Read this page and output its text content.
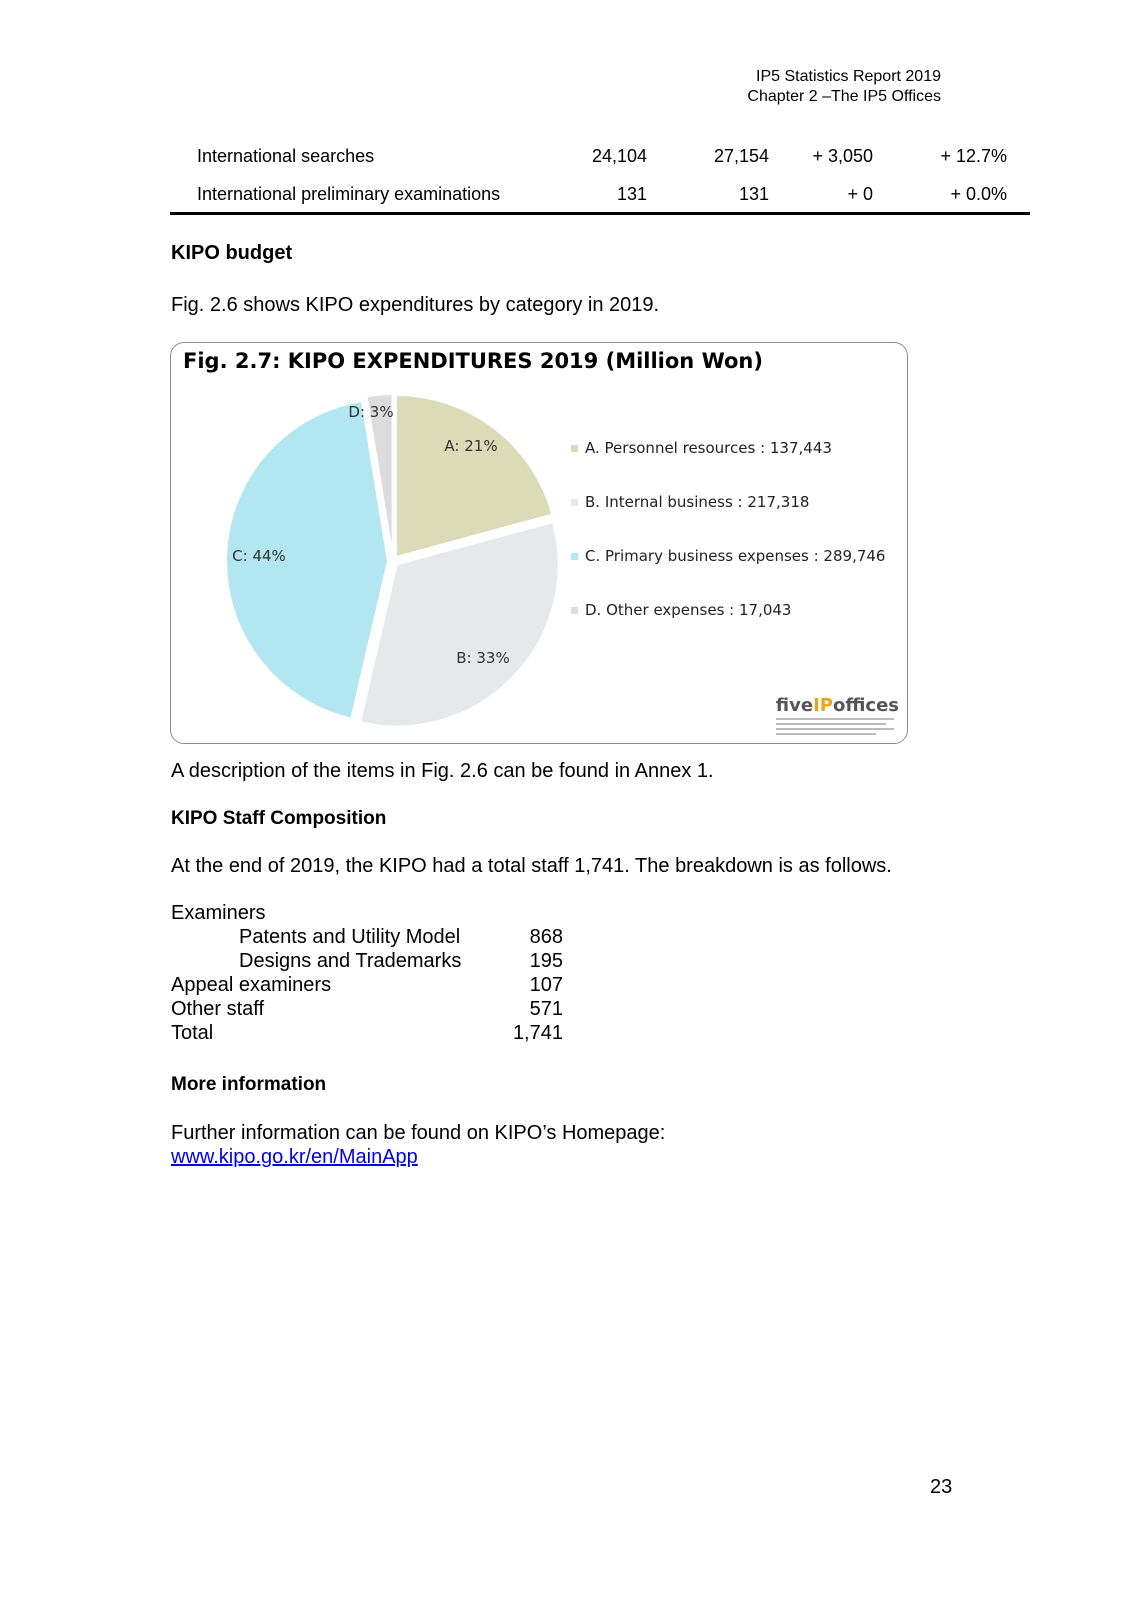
IP5 Statistics Report 2019
Chapter 2 –The IP5 Offices
International searches	24,104	27,154	+ 3,050	+ 12.7%
International preliminary examinations	131	131	+ 0	+ 0.0%
KIPO budget
Fig. 2.6 shows KIPO expenditures by category in 2019.
Fig. 2.7: KIPO EXPENDITURES 2019 (Million Won)
A: 21%
B: 33%
C: 44%
D: 3%
A. Personnel resources : 137,443
B. Internal business : 217,318
C. Primary business expenses : 289,746
D. Other expenses : 17,043
fiveIPoffices
A description of the items in Fig. 2.6 can be found in Annex 1.
KIPO Staff Composition
At the end of 2019, the KIPO had a total staff 1,741. The breakdown is as follows.
Examiners
Patents and Utility Model	868
Designs and Trademarks	195
Appeal examiners	107
Other staff	571
Total	1,741
More information
Further information can be found on KIPO’s Homepage:
www.kipo.go.kr/en/MainApp
23
